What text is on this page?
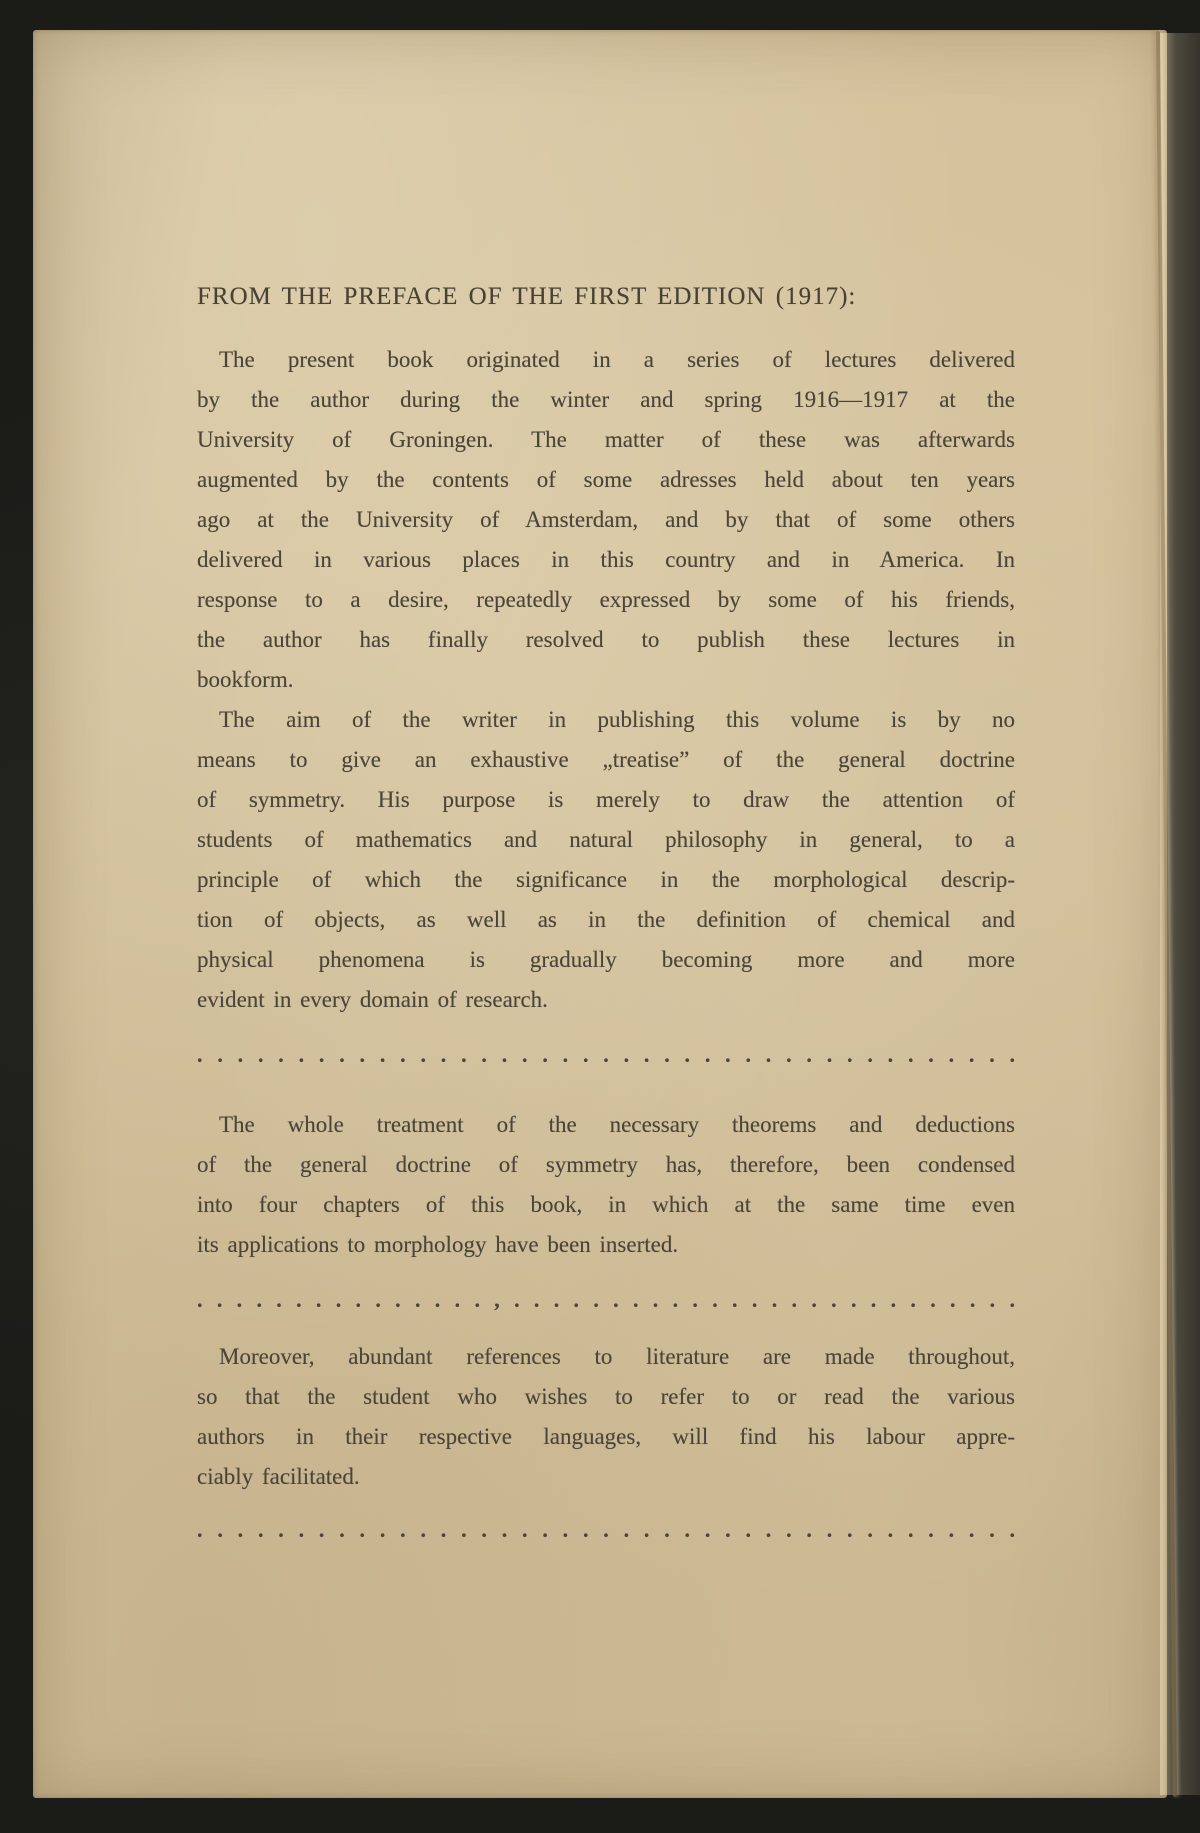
FROM THE PREFACE OF THE FIRST EDITION (1917):
The present book originated in a series of lectures delivered
by the author during the winter and spring 1916—1917 at the
University of Groningen. The matter of these was afterwards
augmented by the contents of some adresses held about ten years
ago at the University of Amsterdam, and by that of some others
delivered in various places in this country and in America. In
response to a desire, repeatedly expressed by some of his friends,
the author has finally resolved to publish these lectures in
bookform.
The aim of the writer in publishing this volume is by no
means to give an exhaustive „treatise” of the general doctrine
of symmetry. His purpose is merely to draw the attention of
students of mathematics and natural philosophy in general, to a
principle of which the significance in the morphological descrip-
tion of objects, as well as in the definition of chemical and
physical phenomena is gradually becoming more and more
evident in every domain of research.
. . . . . . . . . . . . . . . . . . . . . . . . . . . . . . . . . . . . . . . . .
The whole treatment of the necessary theorems and deductions
of the general doctrine of symmetry has, therefore, been condensed
into four chapters of this book, in which at the same time even
its applications to morphology have been inserted.
. . . . . . . . . . . . . . . , . . . . . . . . . . . . . . . . . . . . . . . . . .
Moreover, abundant references to literature are made throughout,
so that the student who wishes to refer to or read the various
authors in their respective languages, will find his labour appre-
ciably facilitated.
. . . . . . . . . . . . . . . . . . . . . . . . . . . . . . . . . . . . . . . . .
